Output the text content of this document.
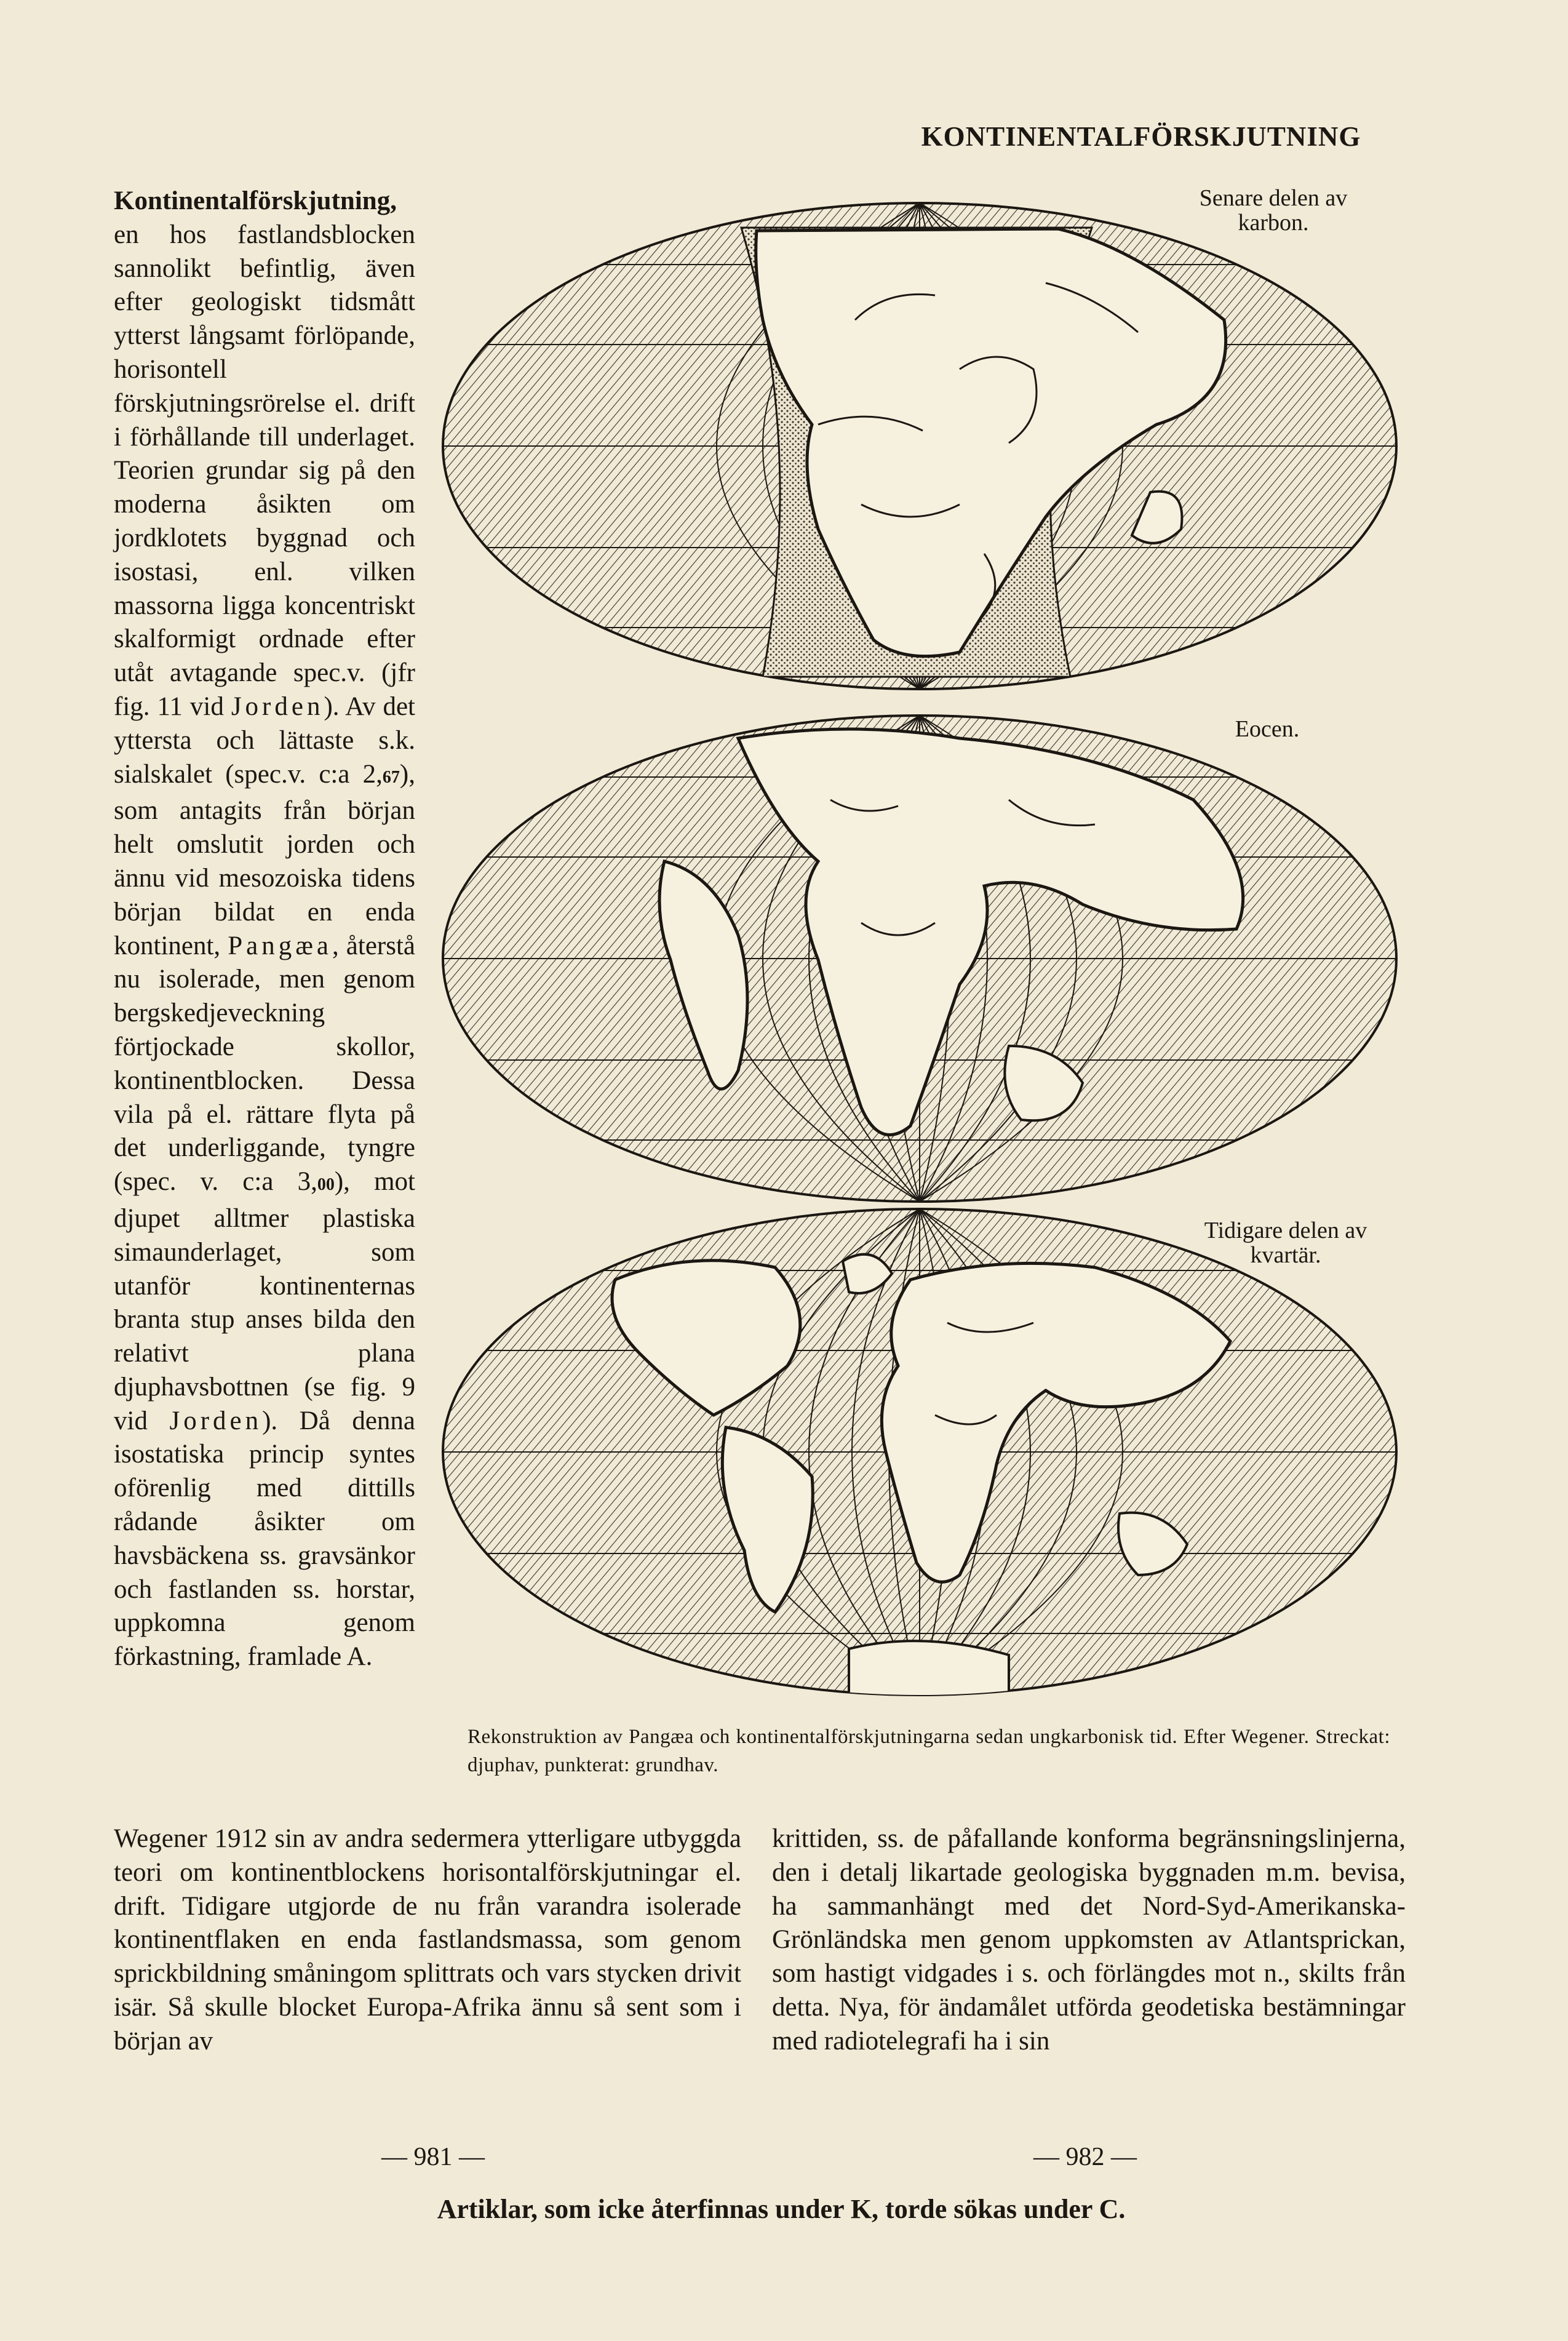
KONTINENTALFÖRSKJUTNING
Senare delen av karbon.
Eocen.
Tidigare delen av kvartär.
Kontinentalförskjutning, en hos fastlandsblocken sannolikt befintlig, även efter geologiskt tidsmått ytterst långsamt förlöpande, horisontell förskjutningsrörelse el. drift i förhållande till underlaget. Teorien grundar sig på den moderna åsikten om jordklotets byggnad och isostasi, enl. vilken massorna ligga koncentriskt skalformigt ordnade efter utåt avtagande spec.v. (jfr fig. 11 vid Jorden). Av det yttersta och lättaste s.k. sialskalet (spec.v. c:a 2,67), som antagits från början helt omslutit jorden och ännu vid mesozoiska tidens början bildat en enda kontinent, Pangæa, återstå nu isolerade, men genom bergskedjeveckning förtjockade skollor, kontinentblocken. Dessa vila på el. rättare flyta på det underliggande, tyngre (spec. v. c:a 3,00), mot djupet alltmer plastiska simaunderlaget, som utanför kontinenternas branta stup anses bilda den relativt plana djuphavsbottnen (se fig. 9 vid Jorden). Då denna isostatiska princip syntes oförenlig med dittills rådande åsikter om havsbäckena ss. gravsänkor och fastlanden ss. horstar, uppkomna genom förkastning, framlade A.
Rekonstruktion av Pangæa och kontinentalförskjutningarna sedan ungkarbonisk tid. Efter Wegener. Streckat: djuphav, punkterat: grundhav.
Wegener 1912 sin av andra sedermera ytterligare utbyggda teori om kontinentblockens horisontalförskjutningar el. drift. Tidigare utgjorde de nu från varandra isolerade kontinentflaken en enda fastlandsmassa, som genom sprickbildning småningom splittrats och vars stycken drivit isär. Så skulle blocket Europa-Afrika ännu så sent som i början av
krittiden, ss. de påfallande konforma begränsningslinjerna, den i detalj likartade geologiska byggnaden m.m. bevisa, ha sammanhängt med det Nord-Syd-Amerikanska-Grönländska men genom uppkomsten av Atlantsprickan, som hastigt vidgades i s. och förlängdes mot n., skilts från detta. Nya, för ändamålet utförda geodetiska bestämningar med radiotelegrafi ha i sin
— 981 —	— 982 —
Artiklar, som icke återfinnas under K, torde sökas under C.
